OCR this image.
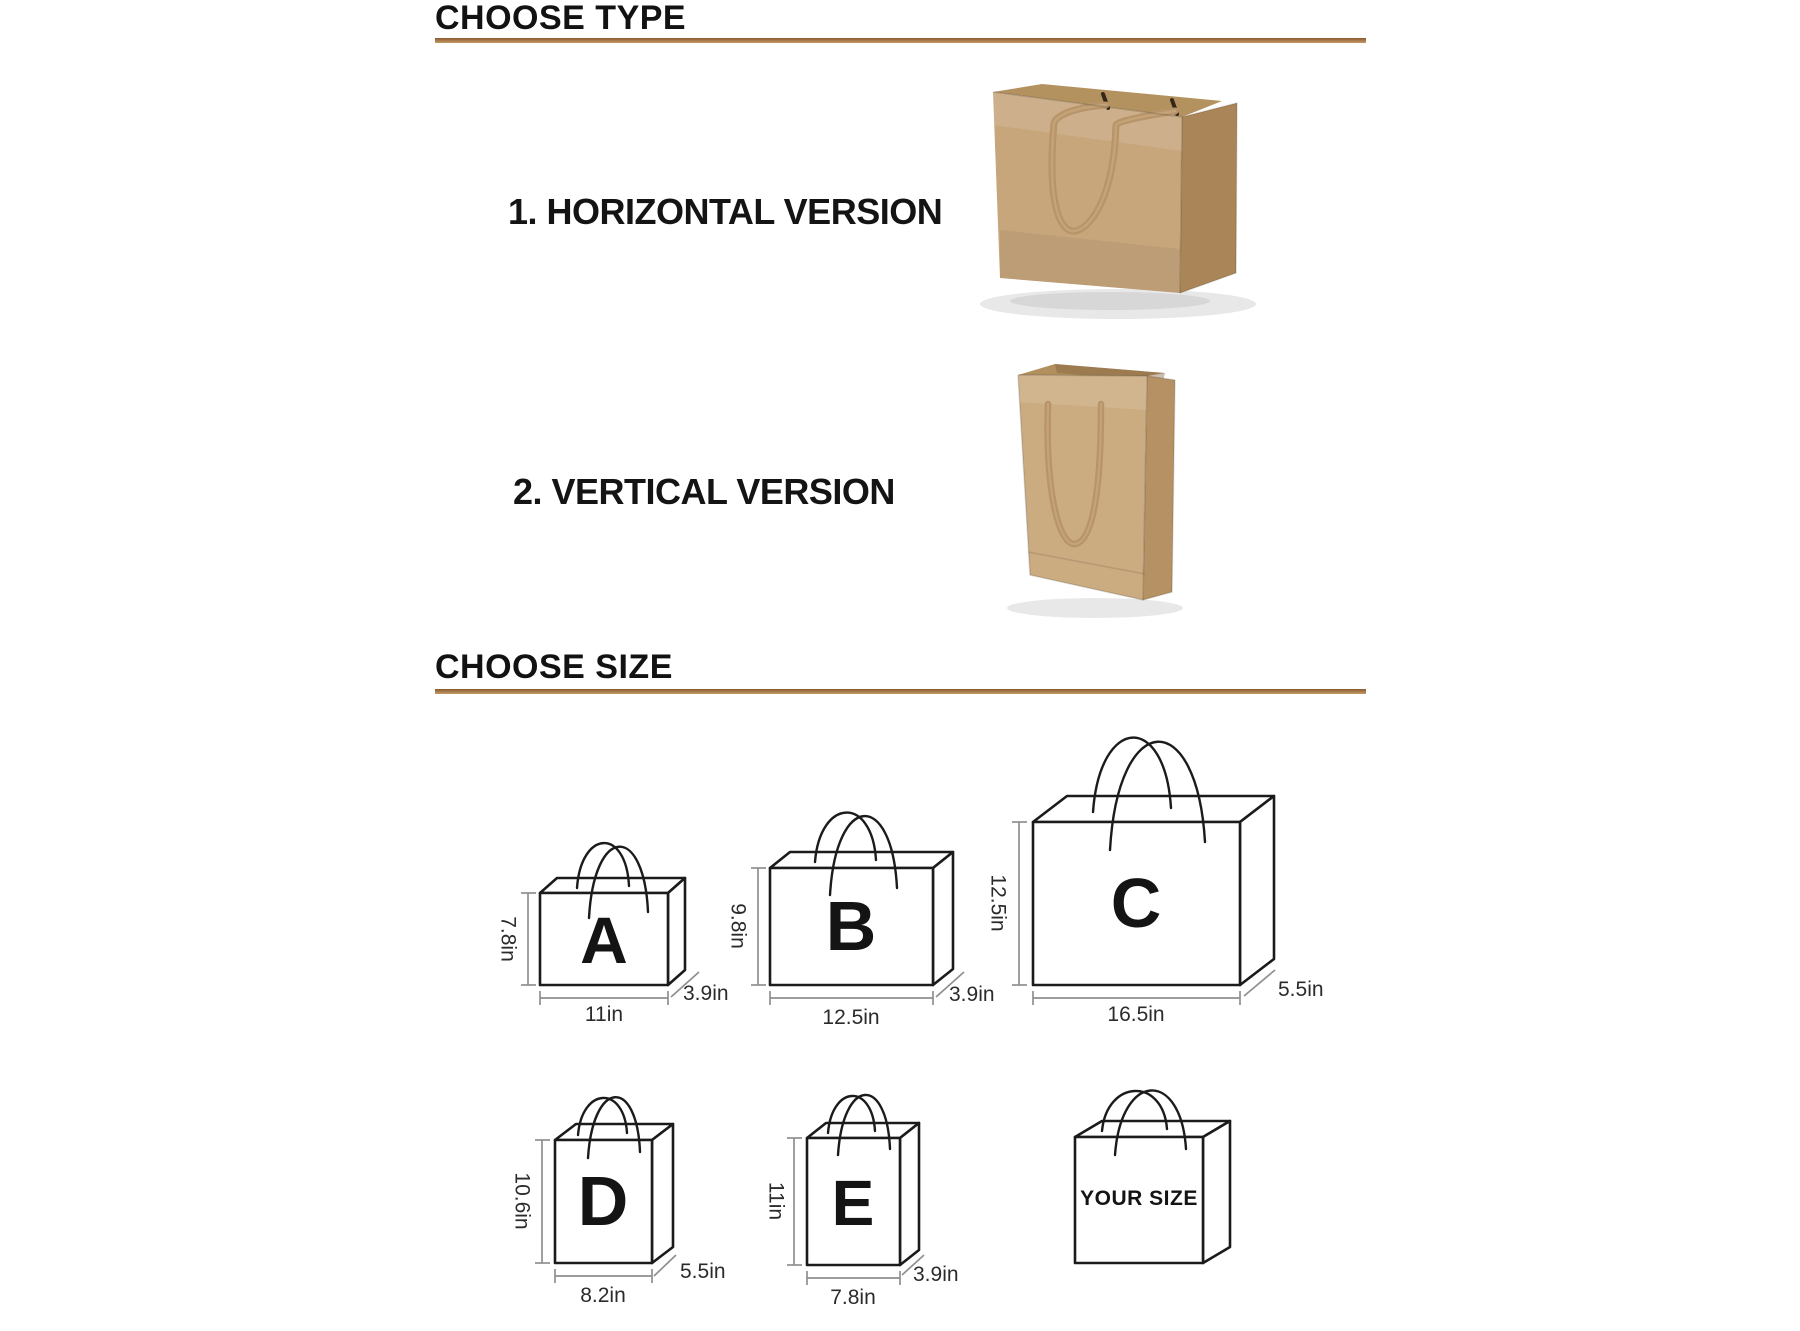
CHOOSE TYPE
1. HORIZONTAL VERSION
2. VERTICAL VERSION
CHOOSE SIZE
7.8in A
11in
3.9in
9.8in B
12.5in
3.9in
12.5in C
16.5in
5.5in
10.6in D
8.2in
5.5in
11in E
7.8in
3.9in
YOUR SIZE
